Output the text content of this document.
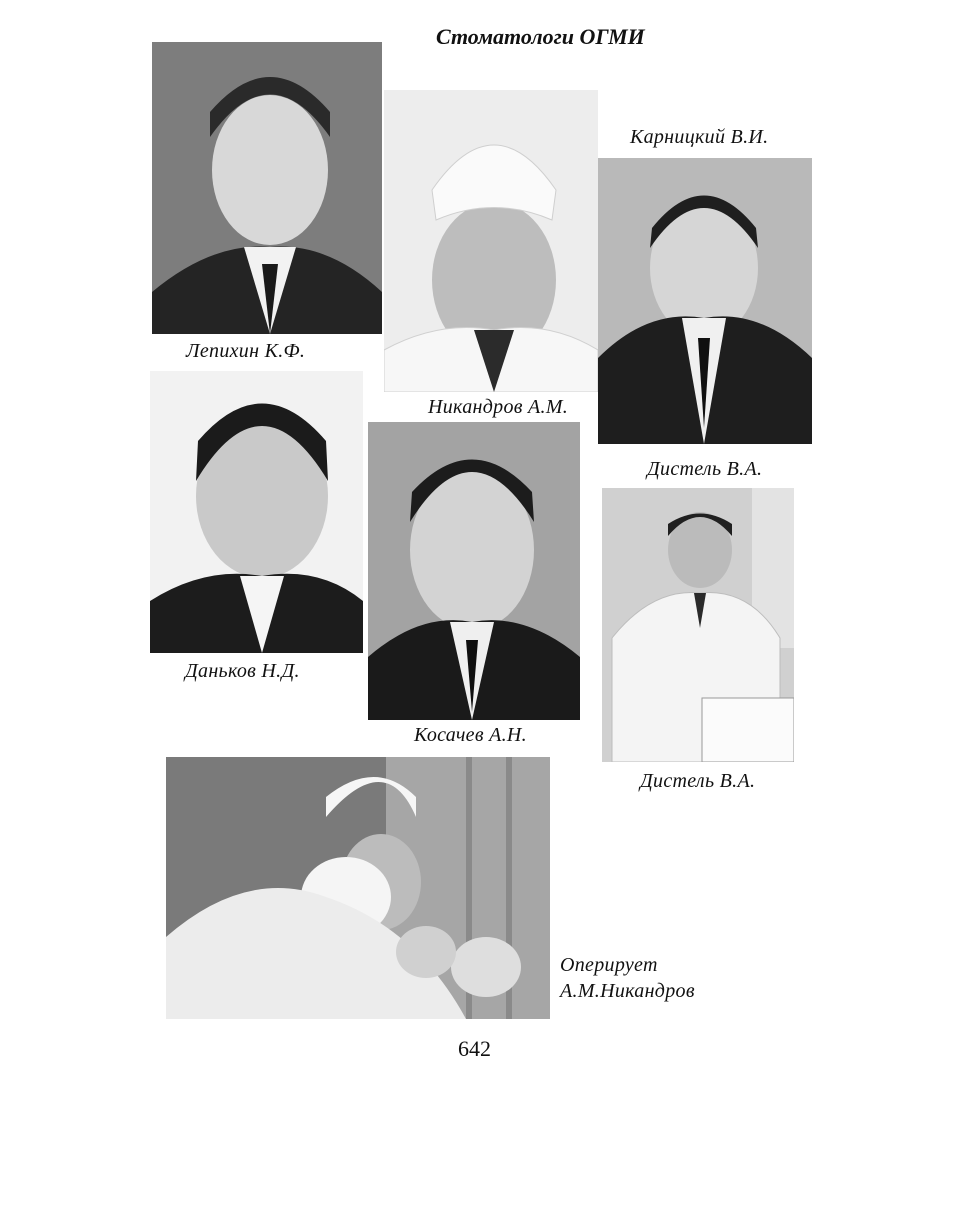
Стоматологи ОГМИ
Лепихин К.Ф.
Никандров А.М.
Карницкий В.И.
Дистель В.А.
Даньков Н.Д.
Косачев А.Н.
Дистель В.А.
Оперирует
А.М.Никандров
642
